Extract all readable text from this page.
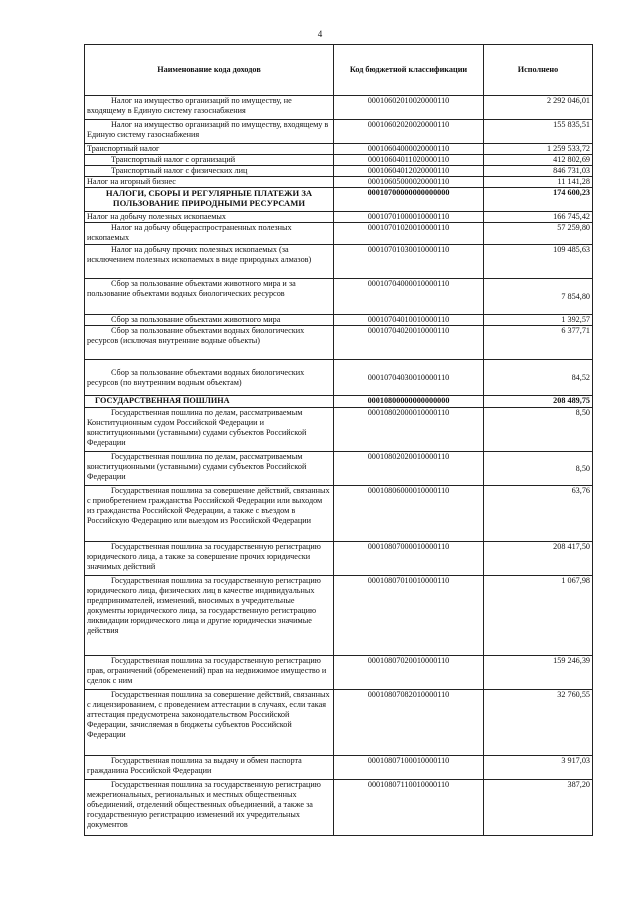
4
Наименование кода доходов	Код бюджетной классификации	Исполнено
Налог на имущество организаций по имуществу, не входящему в Единую систему газоснабжения	00010602010020000110	2 292 046,01
Налог на имущество организаций по имуществу, входящему в Единую систему газоснабжения	00010602020020000110	155 835,51
Транспортный налог	00010604000020000110	1 259 533,72
Транспортный налог с организаций	00010604011020000110	412 802,69
Транспортный налог с физических лиц	00010604012020000110	846 731,03
Налог на игорный бизнес	00010605000020000110	11 141,28
НАЛОГИ, СБОРЫ И РЕГУЛЯРНЫЕ ПЛАТЕЖИ ЗА ПОЛЬЗОВАНИЕ ПРИРОДНЫМИ РЕСУРСАМИ	00010700000000000000	174 600,23
Налог на добычу полезных ископаемых	00010701000010000110	166 745,42
Налог на добычу общераспространенных полезных ископаемых	00010701020010000110	57 259,80
Налог на добычу прочих полезных ископаемых (за исключением полезных ископаемых в виде природных алмазов)	00010701030010000110	109 485,63
Сбор за пользование объектами животного мира и за пользование объектами водных биологических ресурсов	00010704000010000110	7 854,80
Сбор за пользование объектами животного мира	00010704010010000110	1 392,57
Сбор за пользование объектами водных биологических ресурсов (исключая внутренние водные объекты)	00010704020010000110	6 377,71
Сбор за пользование объектами водных биологических ресурсов (по внутренним водным объектам)	00010704030010000110	84,52
ГОСУДАРСТВЕННАЯ ПОШЛИНА	00010800000000000000	208 489,75
Государственная пошлина по делам, рассматриваемым Конституционным судом Российской Федерации и конституционными (уставными) судами субъектов Российской Федерации	00010802000010000110	8,50
Государственная пошлина по делам, рассматриваемым конституционными (уставными) судами субъектов Российской Федерации	00010802020010000110	8,50
Государственная пошлина за совершение действий, связанных с приобретением гражданства Российской Федерации или выходом из гражданства Российской Федерации, а также с въездом в Российскую Федерацию или выездом из Российской Федерации	00010806000010000110	63,76
Государственная пошлина за государственную регистрацию юридического лица, а также за совершение прочих юридически значимых действий	00010807000010000110	208 417,50
Государственная пошлина за государственную регистрацию юридического лица, физических лиц в качестве индивидуальных предпринимателей, изменений, вносимых в учредительные документы юридического лица, за государственную регистрацию ликвидации юридического лица и другие юридически значимые действия	00010807010010000110	1 067,98
Государственная пошлина за государственную регистрацию прав, ограничений (обременений) прав на недвижимое имущество и сделок с ним	00010807020010000110	159 246,39
Государственная пошлина за совершение действий, связанных с лицензированием, с проведением аттестации в случаях, если такая аттестация предусмотрена законодательством Российской Федерации, зачисляемая в бюджеты субъектов Российской Федерации	00010807082010000110	32 760,55
Государственная пошлина за выдачу и обмен паспорта гражданина Российской Федерации	00010807100010000110	3 917,03
Государственная пошлина за государственную регистрацию межрегиональных, региональных и местных общественных объединений, отделений общественных объединений, а также за государственную регистрацию изменений их учредительных документов	00010807110010000110	387,20
